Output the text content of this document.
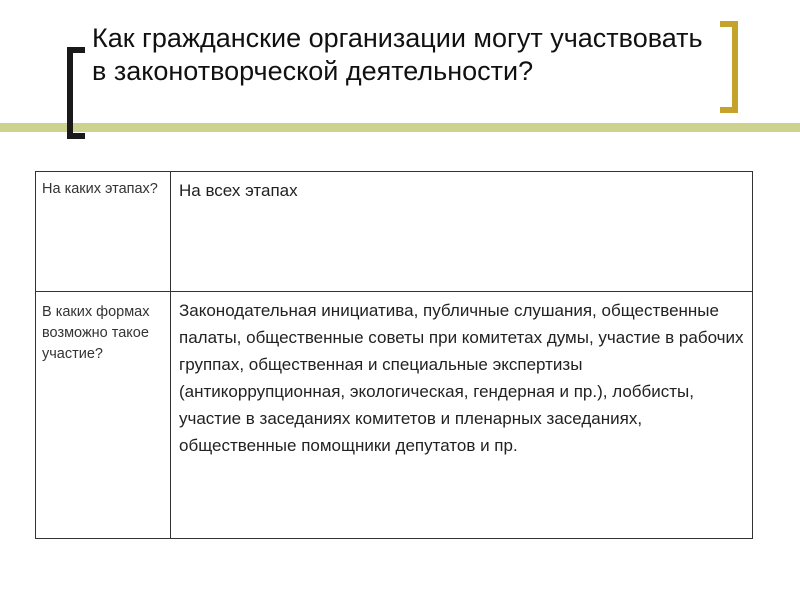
Как гражданские организации могут участвовать в законотворческой деятельности?
На каких этапах?	На всех этапах
В каких формах возможно такое участие?	Законодательная инициатива, публичные слушания, общественные палаты, общественные советы при комитетах думы, участие в рабочих группах, общественная и специальные экспертизы (антикоррупционная, экологическая, гендерная и пр.), лоббисты, участие в заседаниях комитетов и пленарных заседаниях, общественные помощники депутатов и пр.
